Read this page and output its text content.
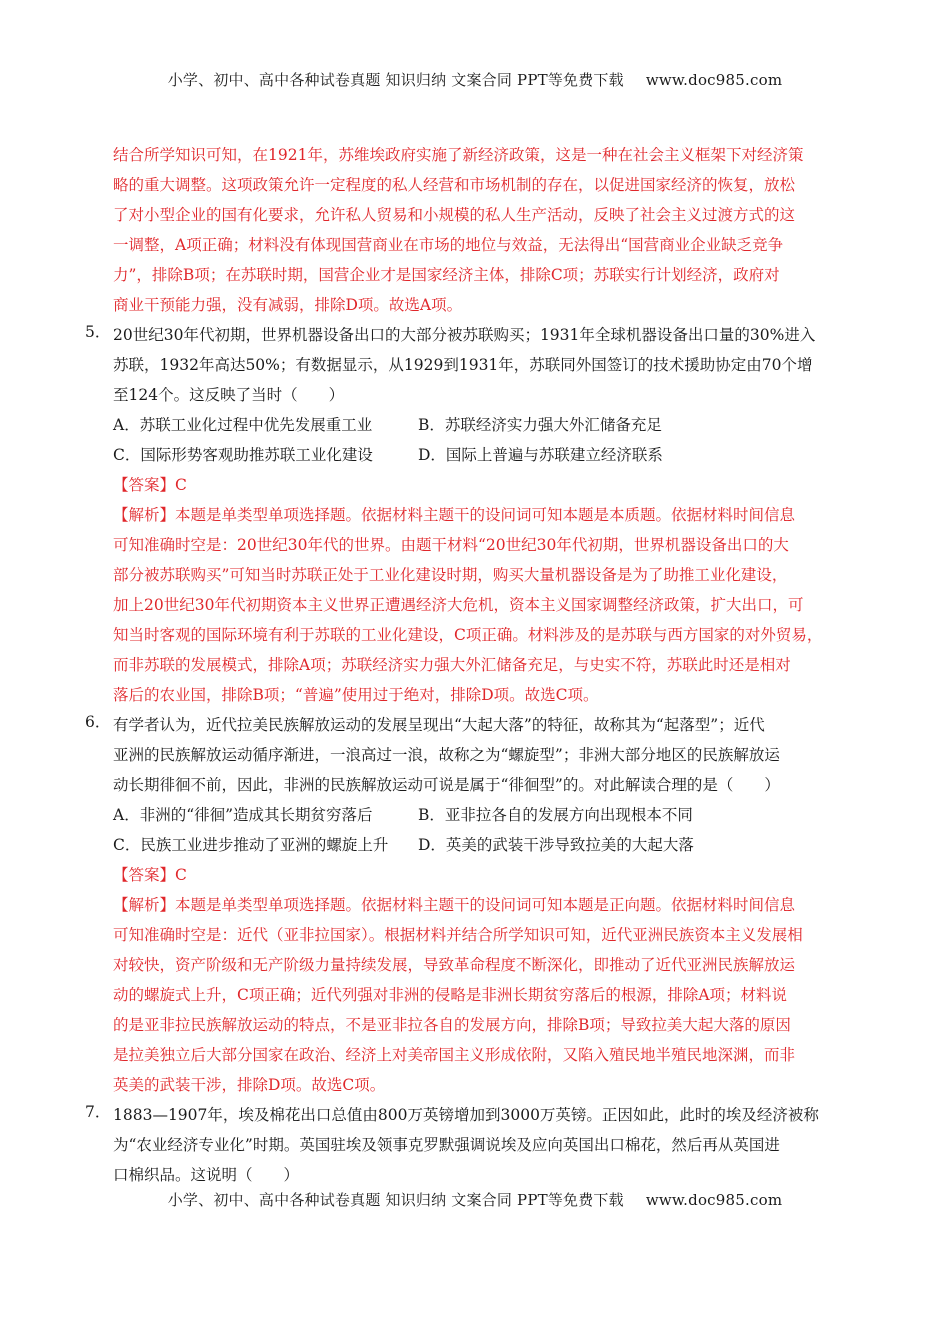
小学、初中、高中各种试卷真题 知识归纳 文案合同 PPT等免费下载 www.doc985.com
结合所学知识可知，在1921年，苏维埃政府实施了新经济政策，这是一种在社会主义框架下对经济策
略的重大调整。这项政策允许一定程度的私人经营和市场机制的存在，以促进国家经济的恢复，放松
了对小型企业的国有化要求，允许私人贸易和小规模的私人生产活动，反映了社会主义过渡方式的这
一调整，A项正确；材料没有体现国营商业在市场的地位与效益，无法得出“国营商业企业缺乏竞争
力”，排除B项；在苏联时期，国营企业才是国家经济主体，排除C项；苏联实行计划经济，政府对
商业干预能力强，没有减弱，排除D项。故选A项。
5． 20世纪30年代初期，世界机器设备出口的大部分被苏联购买；1931年全球机器设备出口量的30%进入
苏联，1932年高达50%；有数据显示，从1929到1931年，苏联同外国签订的技术援助协定由70个增
至124个。这反映了当时（　　）
A．苏联工业化过程中优先发展重工业	B．苏联经济实力强大外汇储备充足
C．国际形势客观助推苏联工业化建设	D．国际上普遍与苏联建立经济联系
【答案】C
【解析】本题是单类型单项选择题。依据材料主题干的设问词可知本题是本质题。依据材料时间信息
可知准确时空是：20世纪30年代的世界。由题干材料“20世纪30年代初期，世界机器设备出口的大
部分被苏联购买”可知当时苏联正处于工业化建设时期，购买大量机器设备是为了助推工业化建设，
加上20世纪30年代初期资本主义世界正遭遇经济大危机，资本主义国家调整经济政策，扩大出口，可
知当时客观的国际环境有利于苏联的工业化建设，C项正确。材料涉及的是苏联与西方国家的对外贸易，
而非苏联的发展模式，排除A项；苏联经济实力强大外汇储备充足，与史实不符，苏联此时还是相对
落后的农业国，排除B项；“普遍”使用过于绝对，排除D项。故选C项。
6． 有学者认为，近代拉美民族解放运动的发展呈现出“大起大落”的特征，故称其为“起落型”；近代
亚洲的民族解放运动循序渐进，一浪高过一浪，故称之为“螺旋型”；非洲大部分地区的民族解放运
动长期徘徊不前，因此，非洲的民族解放运动可说是属于“徘徊型”的。对此解读合理的是（　　）
A．非洲的“徘徊”造成其长期贫穷落后	B．亚非拉各自的发展方向出现根本不同
C．民族工业进步推动了亚洲的螺旋上升 D．英美的武装干涉导致拉美的大起大落
【答案】C
【解析】本题是单类型单项选择题。依据材料主题干的设问词可知本题是正向题。依据材料时间信息
可知准确时空是：近代（亚非拉国家）。根据材料并结合所学知识可知，近代亚洲民族资本主义发展相
对较快，资产阶级和无产阶级力量持续发展，导致革命程度不断深化，即推动了近代亚洲民族解放运
动的螺旋式上升，C项正确；近代列强对非洲的侵略是非洲长期贫穷落后的根源，排除A项；材料说
的是亚非拉民族解放运动的特点，不是亚非拉各自的发展方向，排除B项；导致拉美大起大落的原因
是拉美独立后大部分国家在政治、经济上对美帝国主义形成依附，又陷入殖民地半殖民地深渊，而非
英美的武装干涉，排除D项。故选C项。
7． 1883—1907年，埃及棉花出口总值由800万英镑增加到3000万英镑。正因如此，此时的埃及经济被称
为“农业经济专业化”时期。英国驻埃及领事克罗默强调说埃及应向英国出口棉花，然后再从英国进
口棉织品。这说明（　　）
小学、初中、高中各种试卷真题 知识归纳 文案合同 PPT等免费下载 www.doc985.com
